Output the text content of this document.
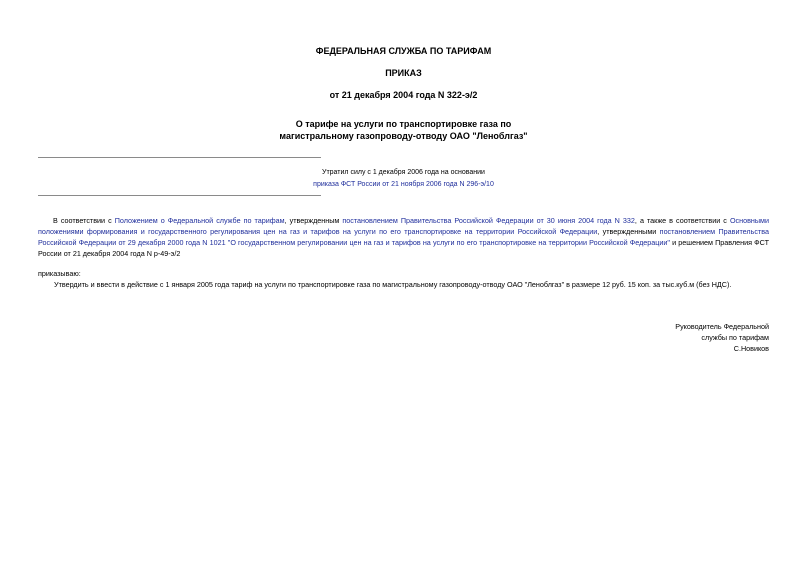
ФЕДЕРАЛЬНАЯ СЛУЖБА ПО ТАРИФАМ
ПРИКАЗ
от 21 декабря 2004 года N 322-э/2
О тарифе на услуги по транспортировке газа по
магистральному газопроводу-отводу ОАО "Леноблгаз"
Утратил силу с 1 декабря 2006 года на основании
приказа ФСТ России от 21 ноября 2006 года N 296-э/10
В соответствии с Положением о Федеральной службе по тарифам, утвержденным постановлением Правительства Российской Федерации от 30 июня 2004 года N 332, а также в соответствии с Основными положениями формирования и государственного регулирования цен на газ и тарифов на услуги по его транспортировке на территории Российской Федерации, утвержденными постановлением Правительства Российской Федерации от 29 декабря 2000 года N 1021 "О государственном регулировании цен на газ и тарифов на услуги по его транспортировке на территории Российской Федерации" и решением Правления ФСТ России от 21 декабря 2004 года N р-49-э/2
приказываю:
Утвердить и ввести в действие с 1 января 2005 года тариф на услуги по транспортировке газа по магистральному газопроводу-отводу ОАО "Леноблгаз" в размере 12 руб. 15 коп. за тыс.куб.м (без НДС).
Руководитель Федеральной
службы по тарифам
С.Новиков
